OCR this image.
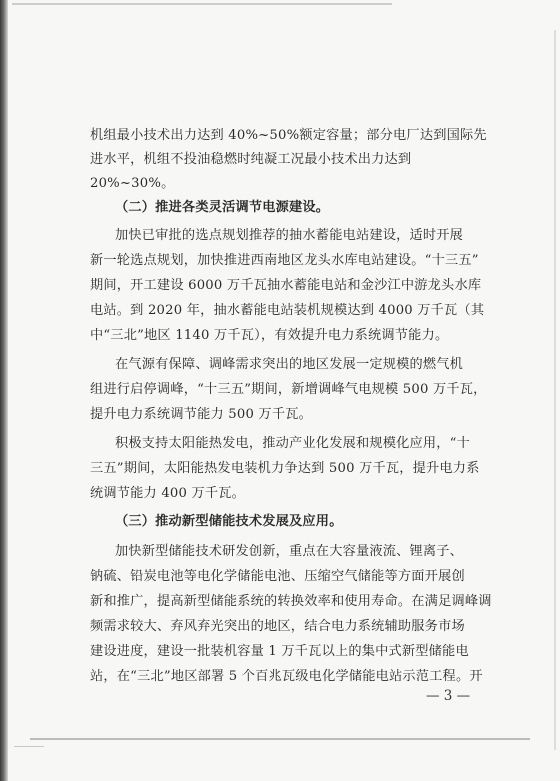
机组最小技术出力达到 40%~50%额定容量；部分电厂达到国际先
进水平，机组不投油稳燃时纯凝工况最小技术出力达到
20%~30%。
（二）推进各类灵活调节电源建设。
加快已审批的选点规划推荐的抽水蓄能电站建设，适时开展
新一轮选点规划，加快推进西南地区龙头水库电站建设。“十三五”
期间，开工建设 6000 万千瓦抽水蓄能电站和金沙江中游龙头水库
电站。到 2020 年，抽水蓄能电站装机规模达到 4000 万千瓦（其
中“三北”地区 1140 万千瓦），有效提升电力系统调节能力。
在气源有保障、调峰需求突出的地区发展一定规模的燃气机
组进行启停调峰，“十三五”期间，新增调峰气电规模 500 万千瓦，
提升电力系统调节能力 500 万千瓦。
积极支持太阳能热发电，推动产业化发展和规模化应用，“十
三五”期间，太阳能热发电装机力争达到 500 万千瓦，提升电力系
统调节能力 400 万千瓦。
（三）推动新型储能技术发展及应用。
加快新型储能技术研发创新，重点在大容量液流、锂离子、
钠硫、铅炭电池等电化学储能电池、压缩空气储能等方面开展创
新和推广，提高新型储能系统的转换效率和使用寿命。在满足调峰调
频需求较大、弃风弃光突出的地区，结合电力系统辅助服务市场
建设进度，建设一批装机容量 1 万千瓦以上的集中式新型储能电
站，在“三北”地区部署 5 个百兆瓦级电化学储能电站示范工程。开
— 3 —
